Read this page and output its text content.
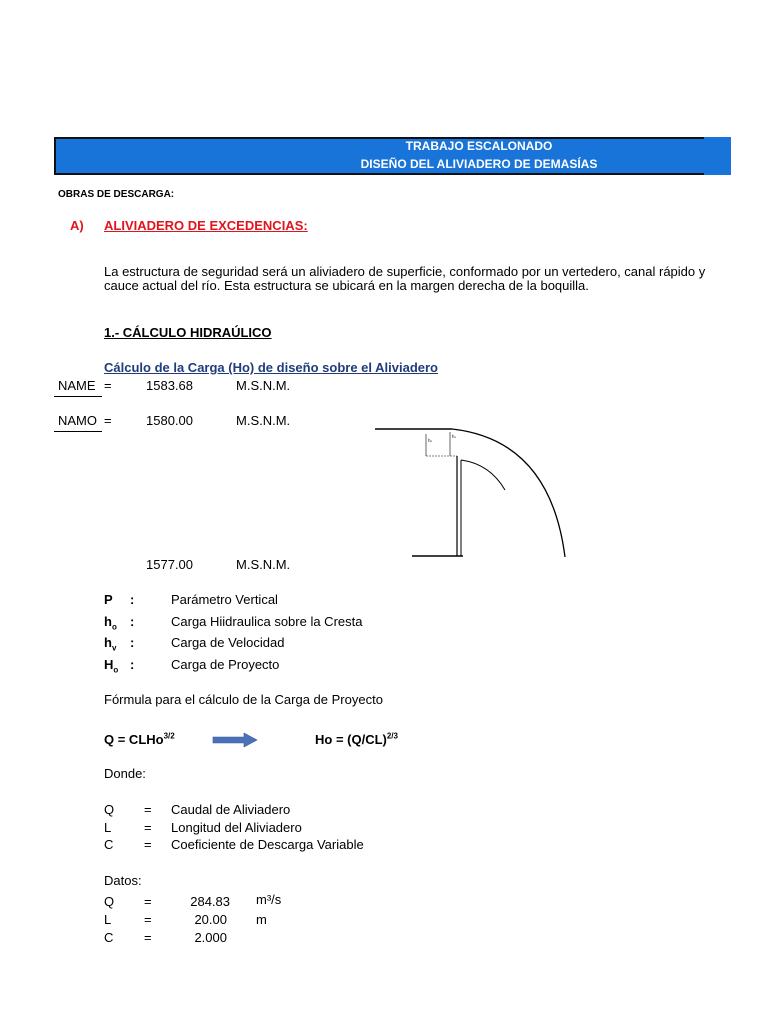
TRABAJO ESCALONADO
DISEÑO DEL ALIVIADERO DE DEMASÍAS
OBRAS DE DESCARGA:
A) ALIVIADERO DE EXCEDENCIAS:
La estructura de seguridad será un aliviadero de superficie, conformado por un vertedero, canal rápido y
cauce actual del río. Esta estructura se ubicará en la margen derecha de la boquilla.
1.- CÁLCULO HIDRAÚLICO
Cálculo de la Carga (Ho) de diseño sobre el Aliviadero
NAME =	1583.68	M.S.N.M.
NAMO =	1580.00	M.S.N.M.
1577.00	M.S.N.M.
hₒ
hᵥ
P :	Parámetro Vertical
$h_o$ :	Carga Hiidraulica sobre la Cresta
$h_v$ :	Carga de Velocidad
$H_o$ :	Carga de Proyecto
Fórmula para el cálculo de la Carga de Proyecto
Q = CLHo$^{3/2}$	$Ho = (Q/CL)^{2/3}$
Donde:
Q = Caudal de Aliviadero
L	= Longitud del Aliviadero
C = Coeficiente de Descarga Variable
Datos:
Q =	284.83 m³/s
L	=	20.00 m
C =	2.000
